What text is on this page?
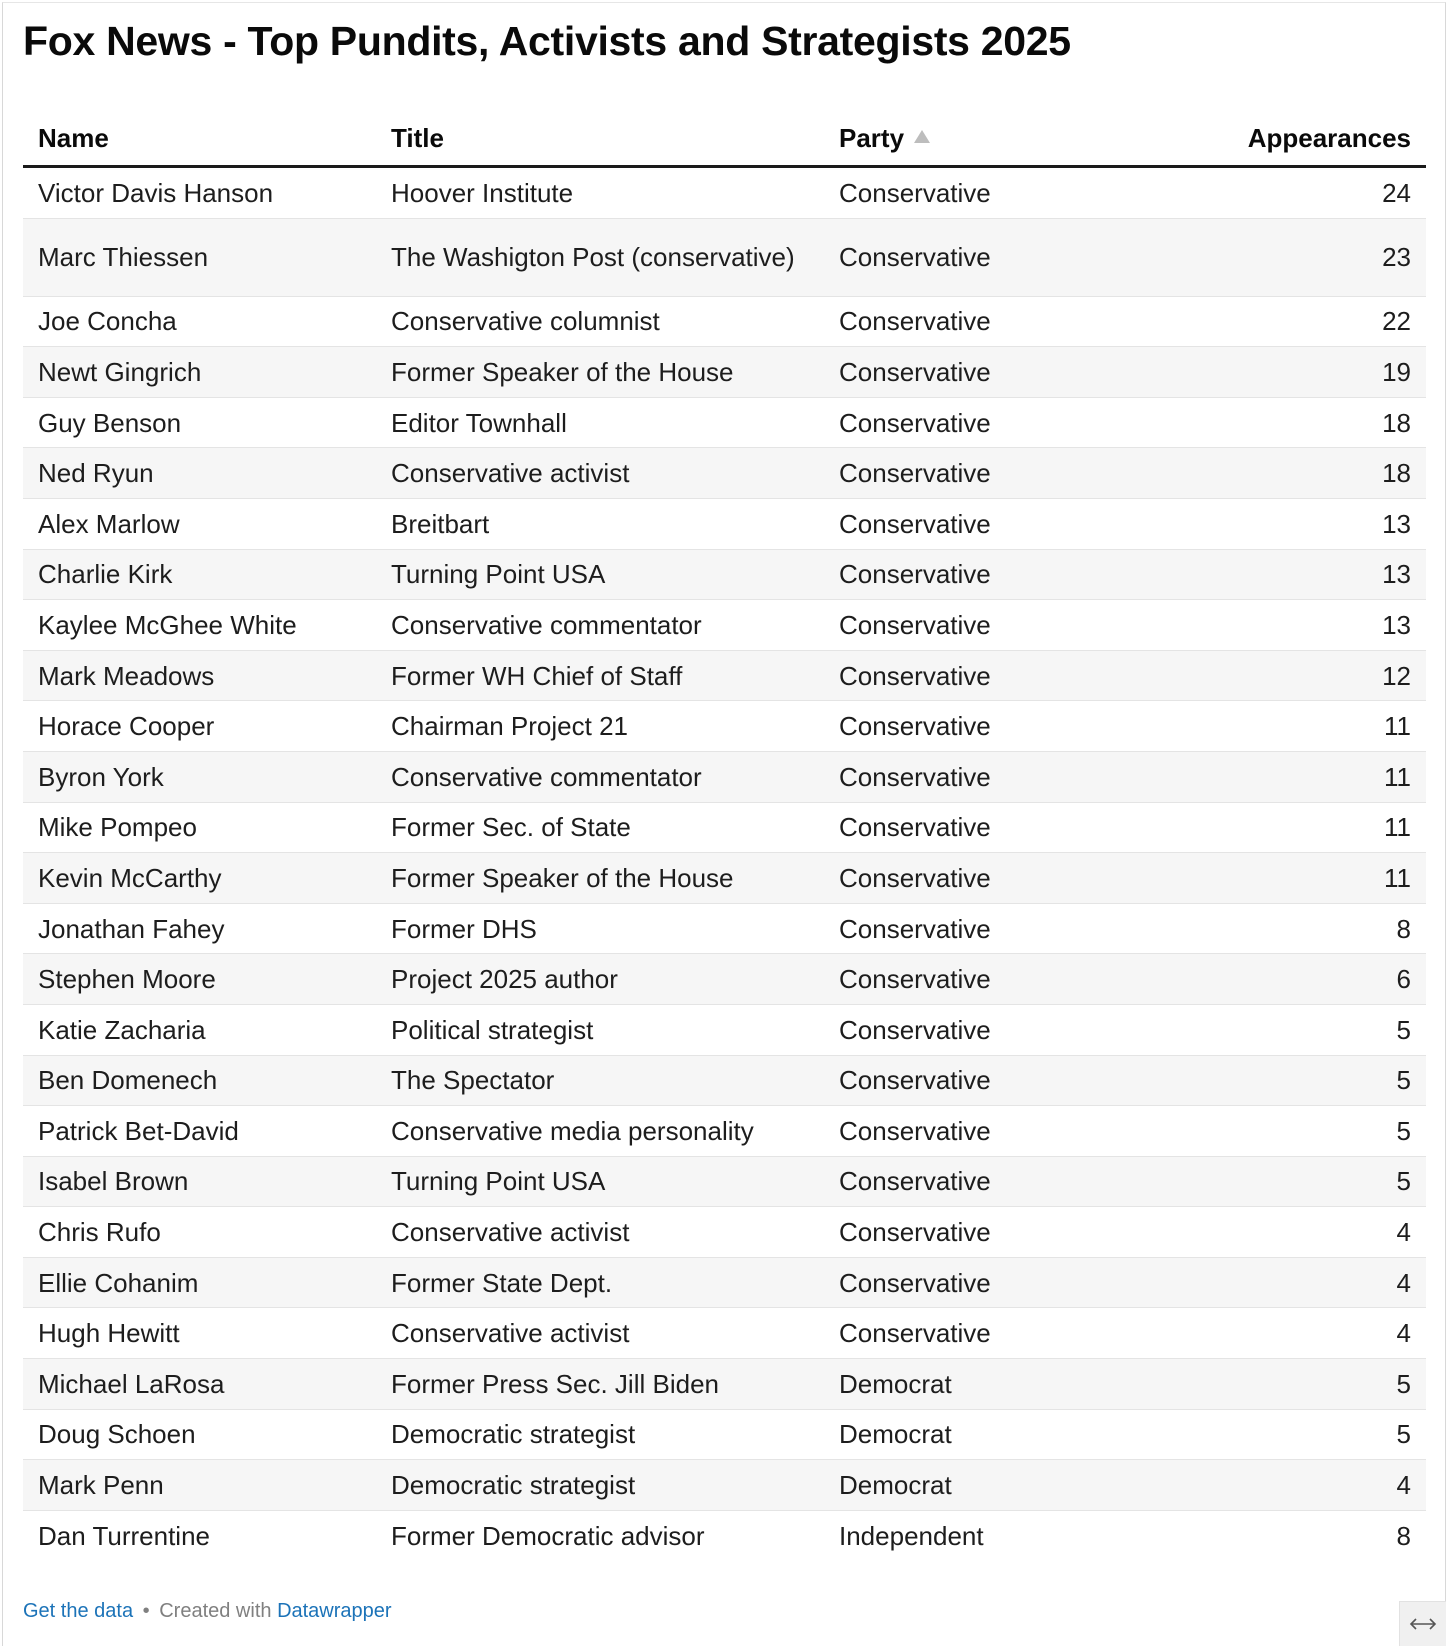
Fox News - Top Pundits, Activists and Strategists 2025
Name	Title	Party	Appearances
Victor Davis Hanson	Hoover Institute	Conservative	24
Marc Thiessen	The Washigton Post (conservative)	Conservative	23
Joe Concha	Conservative columnist	Conservative	22
Newt Gingrich	Former Speaker of the House	Conservative	19
Guy Benson	Editor Townhall	Conservative	18
Ned Ryun	Conservative activist	Conservative	18
Alex Marlow	Breitbart	Conservative	13
Charlie Kirk	Turning Point USA	Conservative	13
Kaylee McGhee White	Conservative commentator	Conservative	13
Mark Meadows	Former WH Chief of Staff	Conservative	12
Horace Cooper	Chairman Project 21	Conservative	11
Byron York	Conservative commentator	Conservative	11
Mike Pompeo	Former Sec. of State	Conservative	11
Kevin McCarthy	Former Speaker of the House	Conservative	11
Jonathan Fahey	Former DHS	Conservative	8
Stephen Moore	Project 2025 author	Conservative	6
Katie Zacharia	Political strategist	Conservative	5
Ben Domenech	The Spectator	Conservative	5
Patrick Bet-David	Conservative media personality	Conservative	5
Isabel Brown	Turning Point USA	Conservative	5
Chris Rufo	Conservative activist	Conservative	4
Ellie Cohanim	Former State Dept.	Conservative	4
Hugh Hewitt	Conservative activist	Conservative	4
Michael LaRosa	Former Press Sec. Jill Biden	Democrat	5
Doug Schoen	Democratic strategist	Democrat	5
Mark Penn	Democratic strategist	Democrat	4
Dan Turrentine	Former Democratic advisor	Independent	8
Get the data • Created with Datawrapper
